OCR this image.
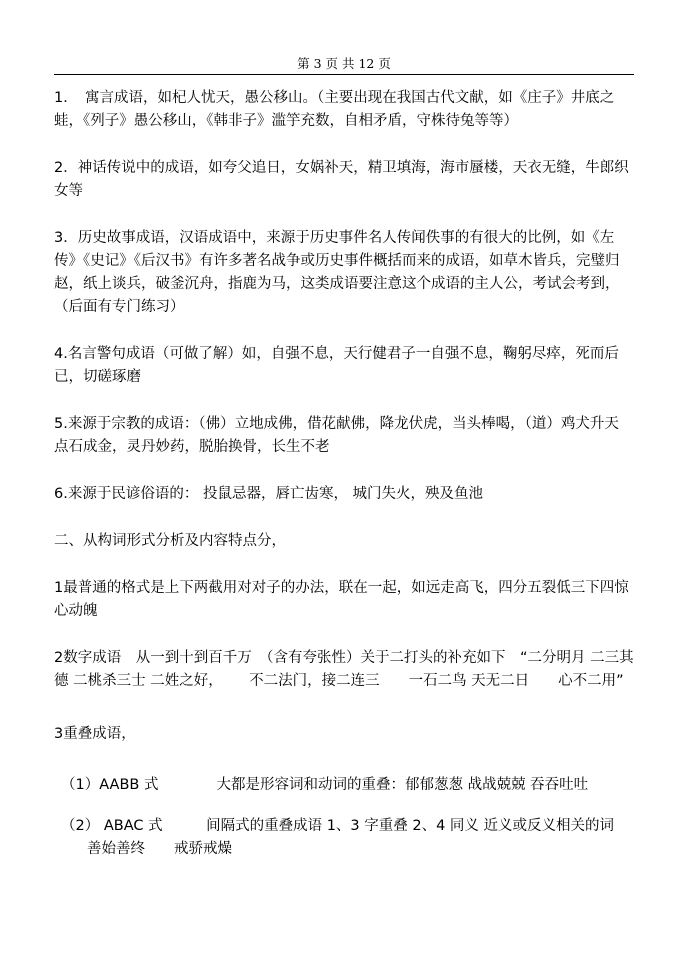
第 3 页 共 12 页

1．　寓言成语，如杞人忧天，愚公移山。（主要出现在我国古代文献，如《庄子》井底之蛙，《列子》愚公移山，《韩非子》滥竽充数，自相矛盾，守株待兔等等）

2．神话传说中的成语，如夸父追日，女娲补天，精卫填海，海市蜃楼，天衣无缝，牛郎织女等

3．历史故事成语，汉语成语中，来源于历史事件名人传闻佚事的有很大的比例，如《左传》《史记》《后汉书》有许多著名战争或历史事件概括而来的成语，如草木皆兵，完璧归赵，纸上谈兵，破釜沉舟，指鹿为马，这类成语要注意这个成语的主人公，考试会考到，（后面有专门练习）

4.名言警句成语（可做了解）如，自强不息，天行健君子一自强不息，鞠躬尽瘁，死而后已，切磋琢磨

5.来源于宗教的成语：（佛）立地成佛，借花献佛，降龙伏虎，当头棒喝，（道）鸡犬升天 点石成金，灵丹妙药，脱胎换骨，长生不老

6.来源于民谚俗语的： 投鼠忌器，唇亡齿寒， 城门失火，殃及鱼池

二、从构词形式分析及内容特点分，

1最普通的格式是上下两截用对对子的办法，联在一起，如远走高飞，四分五裂低三下四惊心动魄

2数字成语　从一到十到百千万　（含有夸张性）关于二打头的补充如下　“二分明月 二三其德 二桃杀三士 二姓之好，　　 不二法门，接二连三　　一石二鸟 天无二日　　心不二用”

3重叠成语，

（1）AABB 式　　　　大都是形容词和动词的重叠：郁郁葱葱 战战兢兢 吞吞吐吐

（2） ABAC 式　　　间隔式的重叠成语 1、3 字重叠 2、4 同义 近义或反义相关的词
善始善终　　戒骄戒燥
